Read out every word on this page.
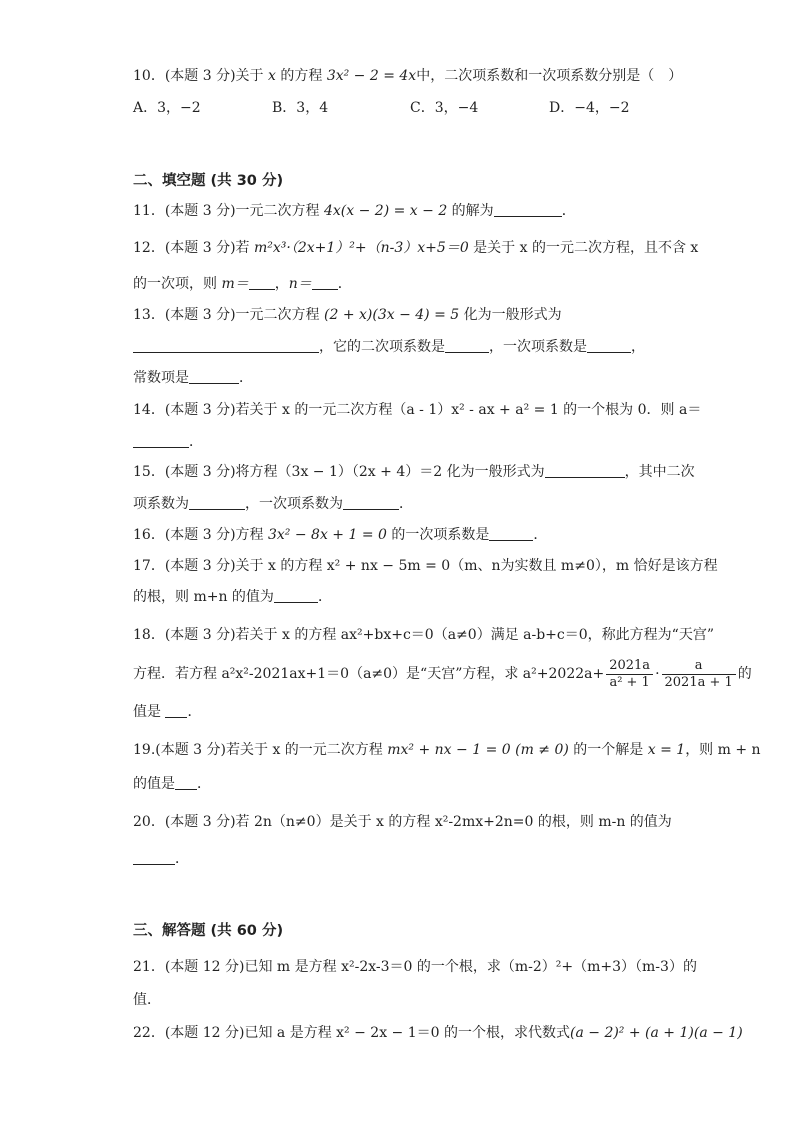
10．(本题 3 分)关于 x 的方程 3x² − 2 = 4x中，二次项系数和一次项系数分别是（　）
A．3，−2	B．3，4	C．3，−4	D．−4，−2
二、填空题 (共 30 分)
11．(本题 3 分)一元二次方程 4x(x − 2) = x − 2 的解为	．
12．(本题 3 分)若 m²x³·（2x+1）²+（n-3）x+5＝0 是关于 x 的一元二次方程，且不含 x
的一次项，则 m＝ ，n＝ ．
13．(本题 3 分)一元二次方程 (2 + x)(3x − 4) = 5 化为一般形式为
，它的二次项系数是	，一次项系数是	，
常数项是	．
14．(本题 3 分)若关于 x 的一元二次方程（a - 1）x² - ax + a² = 1 的一个根为 0．则 a＝
．
15．(本题 3 分)将方程（3x − 1）（2x + 4）＝2 化为一般形式为	，其中二次
项系数为	，一次项系数为	．
16．(本题 3 分)方程 3x² − 8x + 1 = 0 的一次项系数是	．
17．(本题 3 分)关于 x 的方程 x² + nx − 5m = 0（m、n为实数且 m≠0），m 恰好是该方程
的根，则 m+n 的值为	．
18．(本题 3 分)若关于 x 的方程 ax²+bx+c＝0（a≠0）满足 a-b+c＝0，称此方程为“天宫”
方程．若方程 a²x²-2021ax+1＝0（a≠0）是“天宫”方程，求 $a^2+2022a+ \frac{2021a}{\text{a² + 1}} \cdot \frac{a}{2021a + 1}$ 的
值是 ．
19.(本题 3 分)若关于 x 的一元二次方程 mx² + nx − 1 = 0 (m ≠ 0) 的一个解是 x = 1，则 m + n
的值是 ．
20．(本题 3 分)若 2n（n≠0）是关于 x 的方程 x²-2mx+2n=0 的根，则 m-n 的值为
．
三、解答题 (共 60 分)
21．(本题 12 分)已知 m 是方程 x²-2x-3＝0 的一个根，求（m-2）²+（m+3）（m-3）的
值．
22．(本题 12 分)已知 a 是方程 x² − 2x − 1＝0 的一个根，求代数式(a − 2)² + (a + 1)(a − 1)
